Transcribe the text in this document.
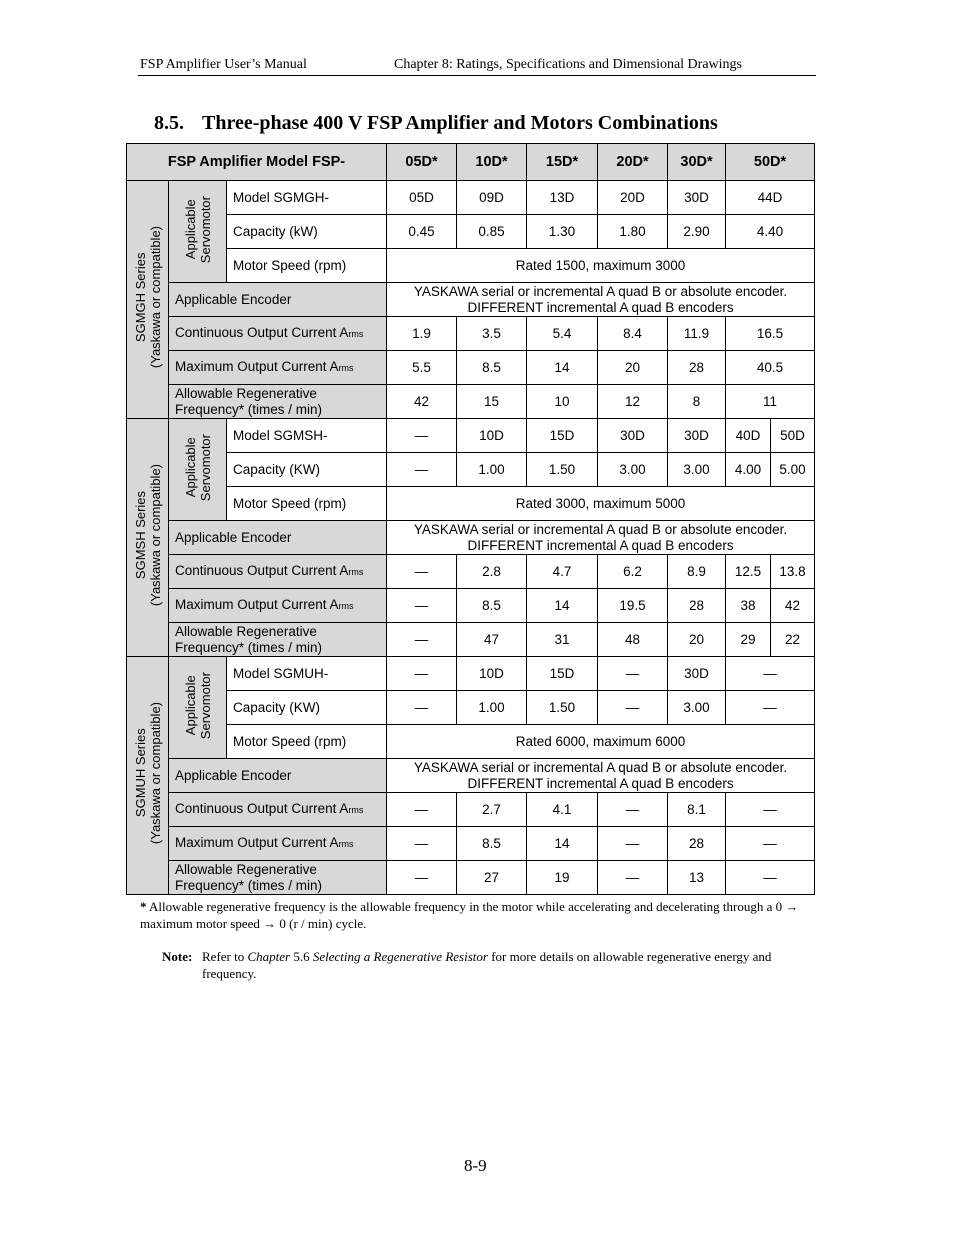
FSP Amplifier User’s Manual	Chapter 8: Ratings, Specifications and Dimensional Drawings
8.5. Three-phase 400 V FSP Amplifier and Motors Combinations
FSP Amplifier Model FSP-			05D*	10D*	15D*	20D*	30D*	50D*	
SGMGH Series
(Yaskawa or compatible)	Applicable
Servomotor	Model SGMGH-	05D	09D	13D	20D	30D	44D	
		Capacity (kW)	0.45	0.85	1.30	1.80	2.90	4.40	
		Motor Speed (rpm)	Rated 1500, maximum 3000						
	Applicable Encoder		YASKAWA serial or incremental A quad B or absolute encoder.
DIFFERENT incremental A quad B encoders						
	Continuous Output Current Arms		1.9	3.5	5.4	8.4	11.9	16.5	
	Maximum Output Current Arms		5.5	8.5	14	20	28	40.5	
	Allowable Regenerative
Frequency* (times / min)		42	15	10	12	8	11	
SGMSH Series
(Yaskawa or compatible)	Applicable
Servomotor	Model SGMSH-	—	10D	15D	30D	30D	40D	50D
		Capacity (KW)	—	1.00	1.50	3.00	3.00	4.00	5.00
		Motor Speed (rpm)	Rated 3000, maximum 5000						
	Applicable Encoder		YASKAWA serial or incremental A quad B or absolute encoder.
DIFFERENT incremental A quad B encoders						
	Continuous Output Current Arms		—	2.8	4.7	6.2	8.9	12.5	13.8
	Maximum Output Current Arms		—	8.5	14	19.5	28	38	42
	Allowable Regenerative
Frequency* (times / min)		—	47	31	48	20	29	22
SGMUH Series
(Yaskawa or compatible)	Applicable
Servomotor	Model SGMUH-	—	10D	15D	—	30D	—	
		Capacity (KW)	—	1.00	1.50	—	3.00	—	
		Motor Speed (rpm)	Rated 6000, maximum 6000						
	Applicable Encoder		YASKAWA serial or incremental A quad B or absolute encoder.
DIFFERENT incremental A quad B encoders						
	Continuous Output Current Arms		—	2.7	4.1	—	8.1	—	
	Maximum Output Current Arms		—	8.5	14	—	28	—	
	Allowable Regenerative
Frequency* (times / min)		—	27	19	—	13	—	
* Allowable regenerative frequency is the allowable frequency in the motor while accelerating and decelerating through a 0 → maximum motor speed → 0 (r / min) cycle.
Note: Refer to Chapter 5.6 Selecting a Regenerative Resistor for more details on allowable regenerative energy and frequency.
8-9
